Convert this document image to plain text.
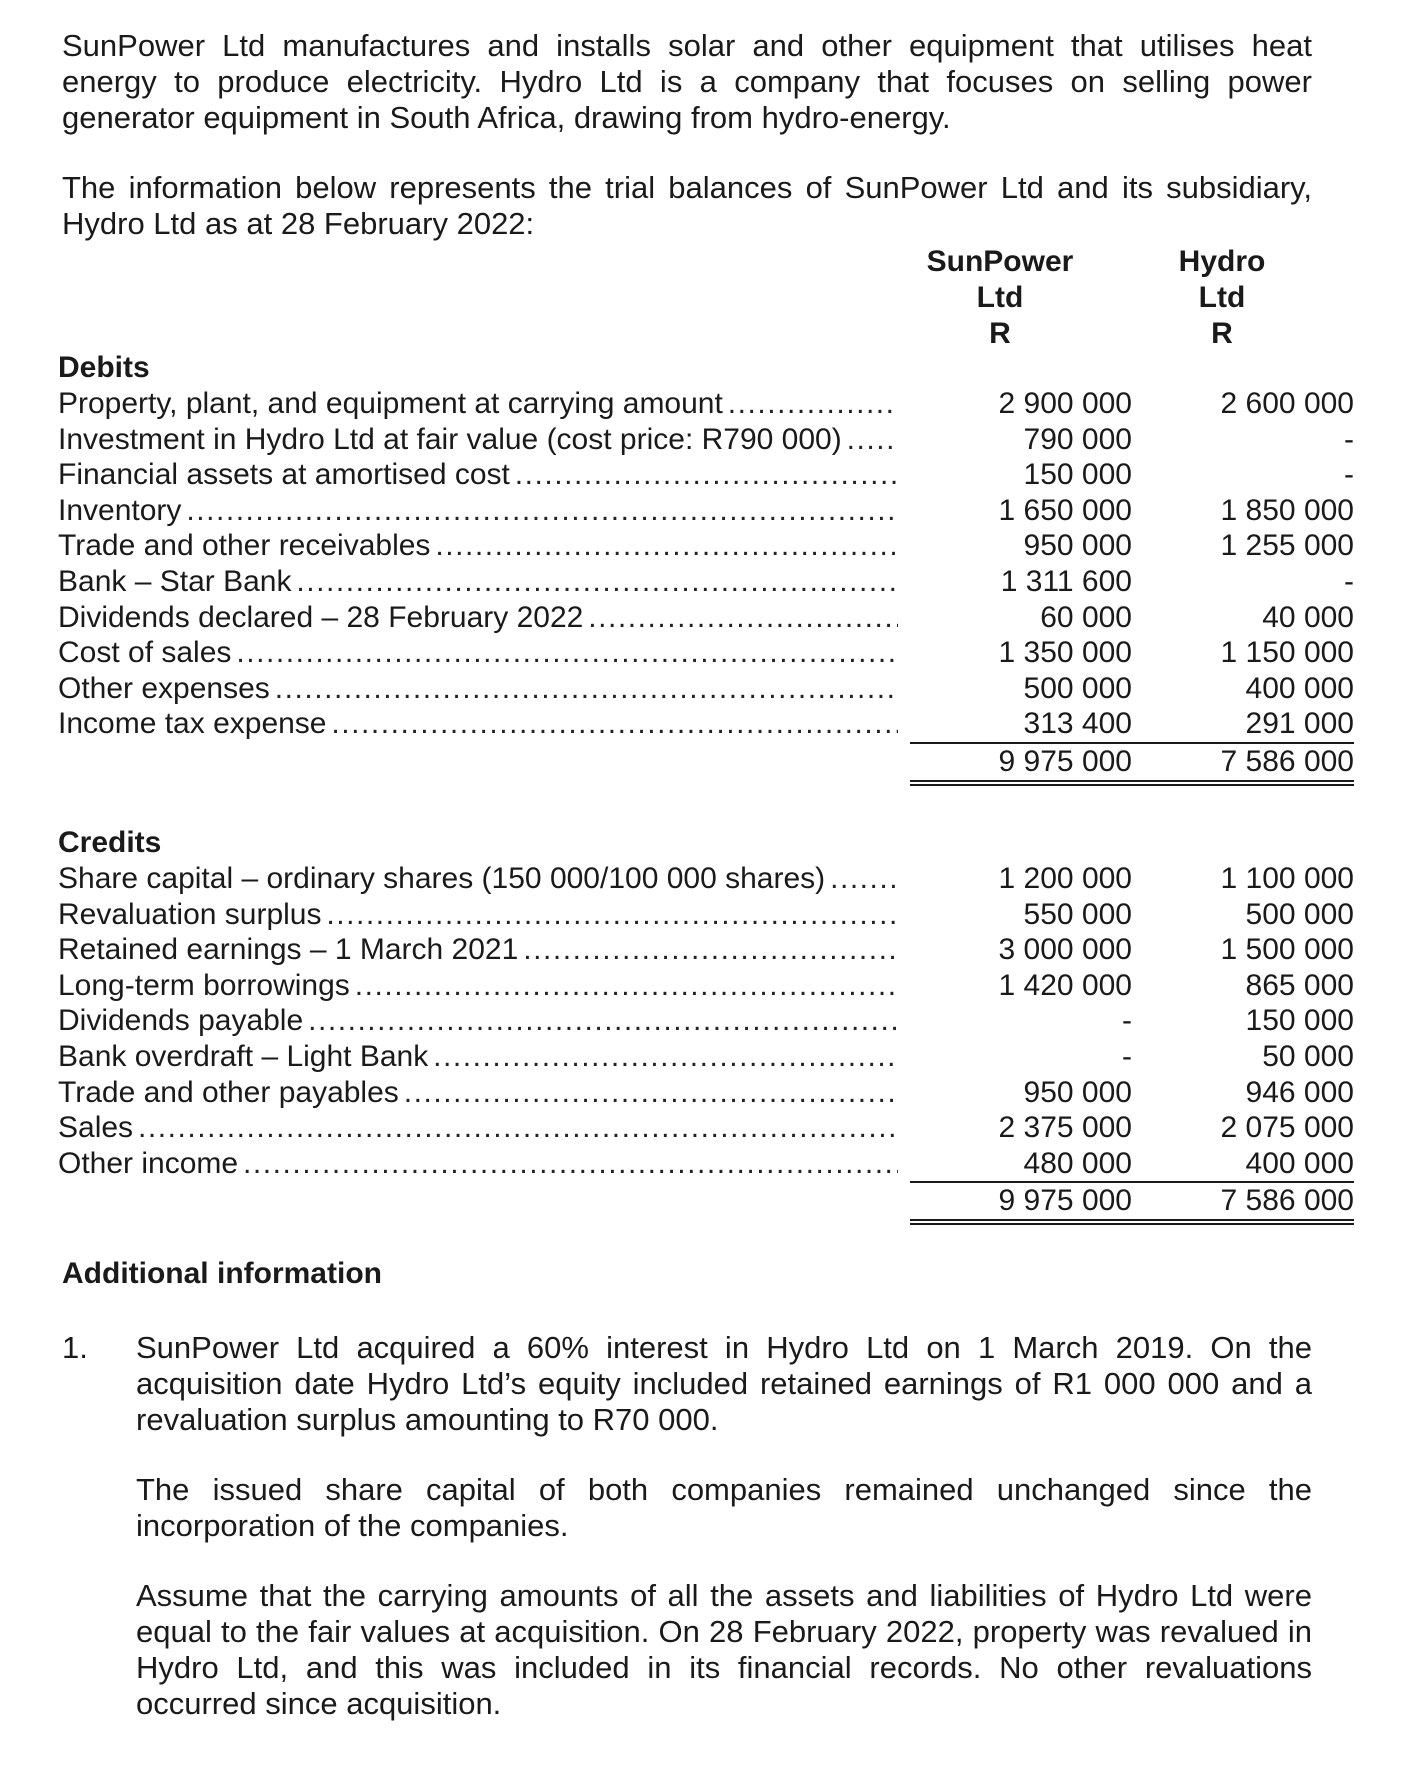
SunPower Ltd manufactures and installs solar and other equipment that utilises heat energy to produce electricity. Hydro Ltd is a company that focuses on selling power generator equipment in South Africa, drawing from hydro-energy.

The information below represents the trial balances of SunPower Ltd and its subsidiary, Hydro Ltd as at 28 February 2022:

SunPower
Ltd
R
Hydro
Ltd
R
Debits
Property, plant, and equipment at carrying amount . . .	2 900 000	2 600 000
Investment in Hydro Ltd at fair value (cost price: R790 000) . . .	790 000	-
Financial assets at amortised cost . . .	150 000	-
Inventory . . .	1 650 000	1 850 000
Trade and other receivables . . .	950 000	1 255 000
Bank – Star Bank . . .	1 311 600	-
Dividends declared – 28 February 2022 . . .	60 000	40 000
Cost of sales . . .	1 350 000	1 150 000
Other expenses . . .	500 000	400 000
Income tax expense . . .	313 400	291 000
9 975 000	7 586 000
Credits
Share capital – ordinary shares (150 000/100 000 shares) . . .	1 200 000	1 100 000
Revaluation surplus . . .	550 000	500 000
Retained earnings – 1 March 2021 . . .	3 000 000	1 500 000
Long-term borrowings . . .	1 420 000	865 000
Dividends payable . . .	-	150 000
Bank overdraft – Light Bank . . .	-	50 000
Trade and other payables . . .	950 000	946 000
Sales . . .	2 375 000	2 075 000
Other income . . .	480 000	400 000
9 975 000	7 586 000
Additional information
1. SunPower Ltd acquired a 60% interest in Hydro Ltd on 1 March 2019. On the acquisition date Hydro Ltd’s equity included retained earnings of R1 000 000 and a revaluation surplus amounting to R70 000.

The issued share capital of both companies remained unchanged since the incorporation of the companies.

Assume that the carrying amounts of all the assets and liabilities of Hydro Ltd were equal to the fair values at acquisition. On 28 February 2022, property was revalued in Hydro Ltd, and this was included in its financial records. No other revaluations occurred since acquisition.
